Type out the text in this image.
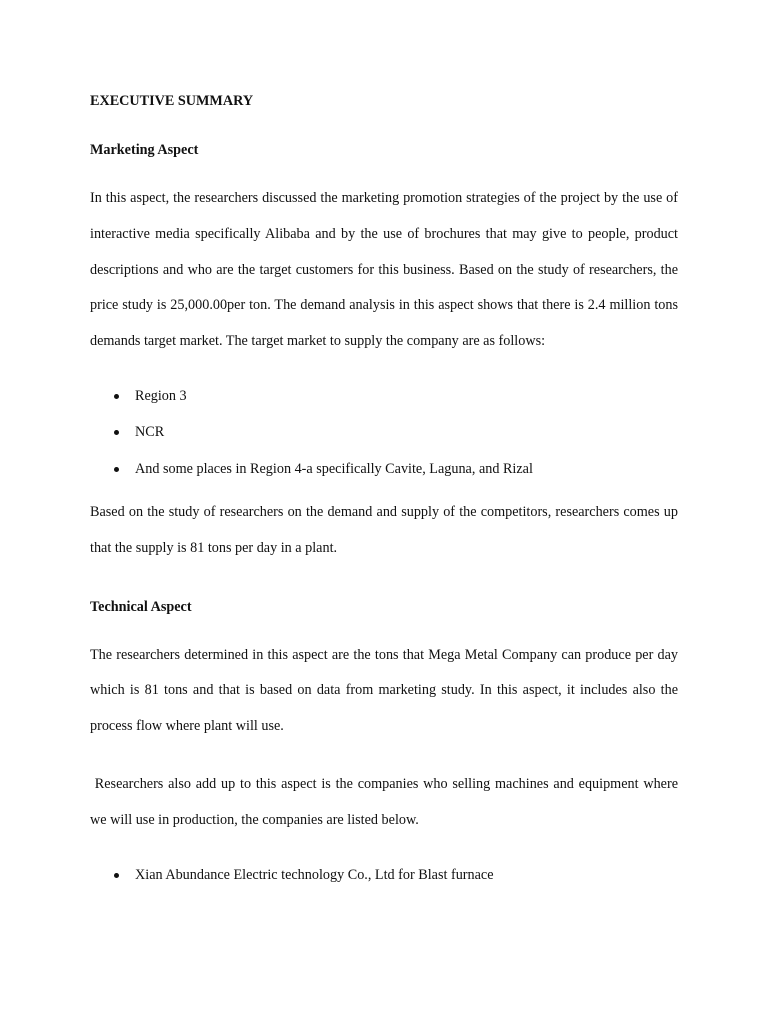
EXECUTIVE SUMMARY

Marketing Aspect

In this aspect, the researchers discussed the marketing promotion strategies of the project by the use of interactive media specifically Alibaba and by the use of brochures that may give to people, product descriptions and who are the target customers for this business. Based on the study of researchers, the price study is 25,000.00per ton. The demand analysis in this aspect shows that there is 2.4 million tons demands target market. The target market to supply the company are as follows:

Region 3
NCR
And some places in Region 4-a specifically Cavite, Laguna, and Rizal

Based on the study of researchers on the demand and supply of the competitors, researchers comes up that the supply is 81 tons per day in a plant.

Technical Aspect

The researchers determined in this aspect are the tons that Mega Metal Company can produce per day which is 81 tons and that is based on data from marketing study. In this aspect, it includes also the process flow where plant will use.

Researchers also add up to this aspect is the companies who selling machines and equipment where we will use in production, the companies are listed below.

Xian Abundance Electric technology Co., Ltd for Blast furnace
